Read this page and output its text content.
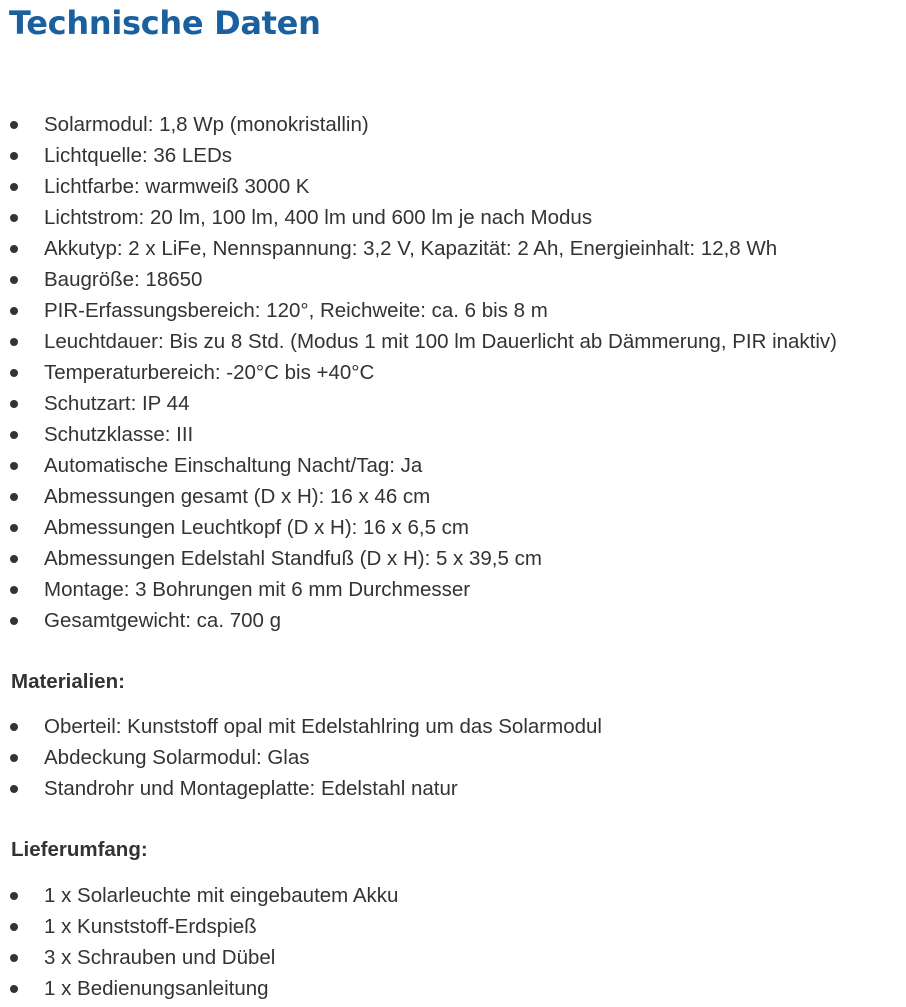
Technische Daten
Solarmodul: 1,8 Wp (monokristallin)
Lichtquelle: 36 LEDs
Lichtfarbe: warmweiß 3000 K
Lichtstrom: 20 lm, 100 lm, 400 lm und 600 lm je nach Modus
Akkutyp: 2 x LiFe, Nennspannung: 3,2 V, Kapazität: 2 Ah, Energieinhalt: 12,8 Wh
Baugröße: 18650
PIR-Erfassungsbereich: 120°, Reichweite: ca. 6 bis 8 m
Leuchtdauer: Bis zu 8 Std. (Modus 1 mit 100 lm Dauerlicht ab Dämmerung, PIR inaktiv)
Temperaturbereich: -20°C bis +40°C
Schutzart: IP 44
Schutzklasse: III
Automatische Einschaltung Nacht/Tag: Ja
Abmessungen gesamt (D x H): 16 x 46 cm
Abmessungen Leuchtkopf (D x H): 16 x 6,5 cm
Abmessungen Edelstahl Standfuß (D x H): 5 x 39,5 cm
Montage: 3 Bohrungen mit 6 mm Durchmesser
Gesamtgewicht: ca. 700 g
Materialien:
Oberteil: Kunststoff opal mit Edelstahlring um das Solarmodul
Abdeckung Solarmodul: Glas
Standrohr und Montageplatte: Edelstahl natur
Lieferumfang:
1 x Solarleuchte mit eingebautem Akku
1 x Kunststoff-Erdspieß
3 x Schrauben und Dübel
1 x Bedienungsanleitung
